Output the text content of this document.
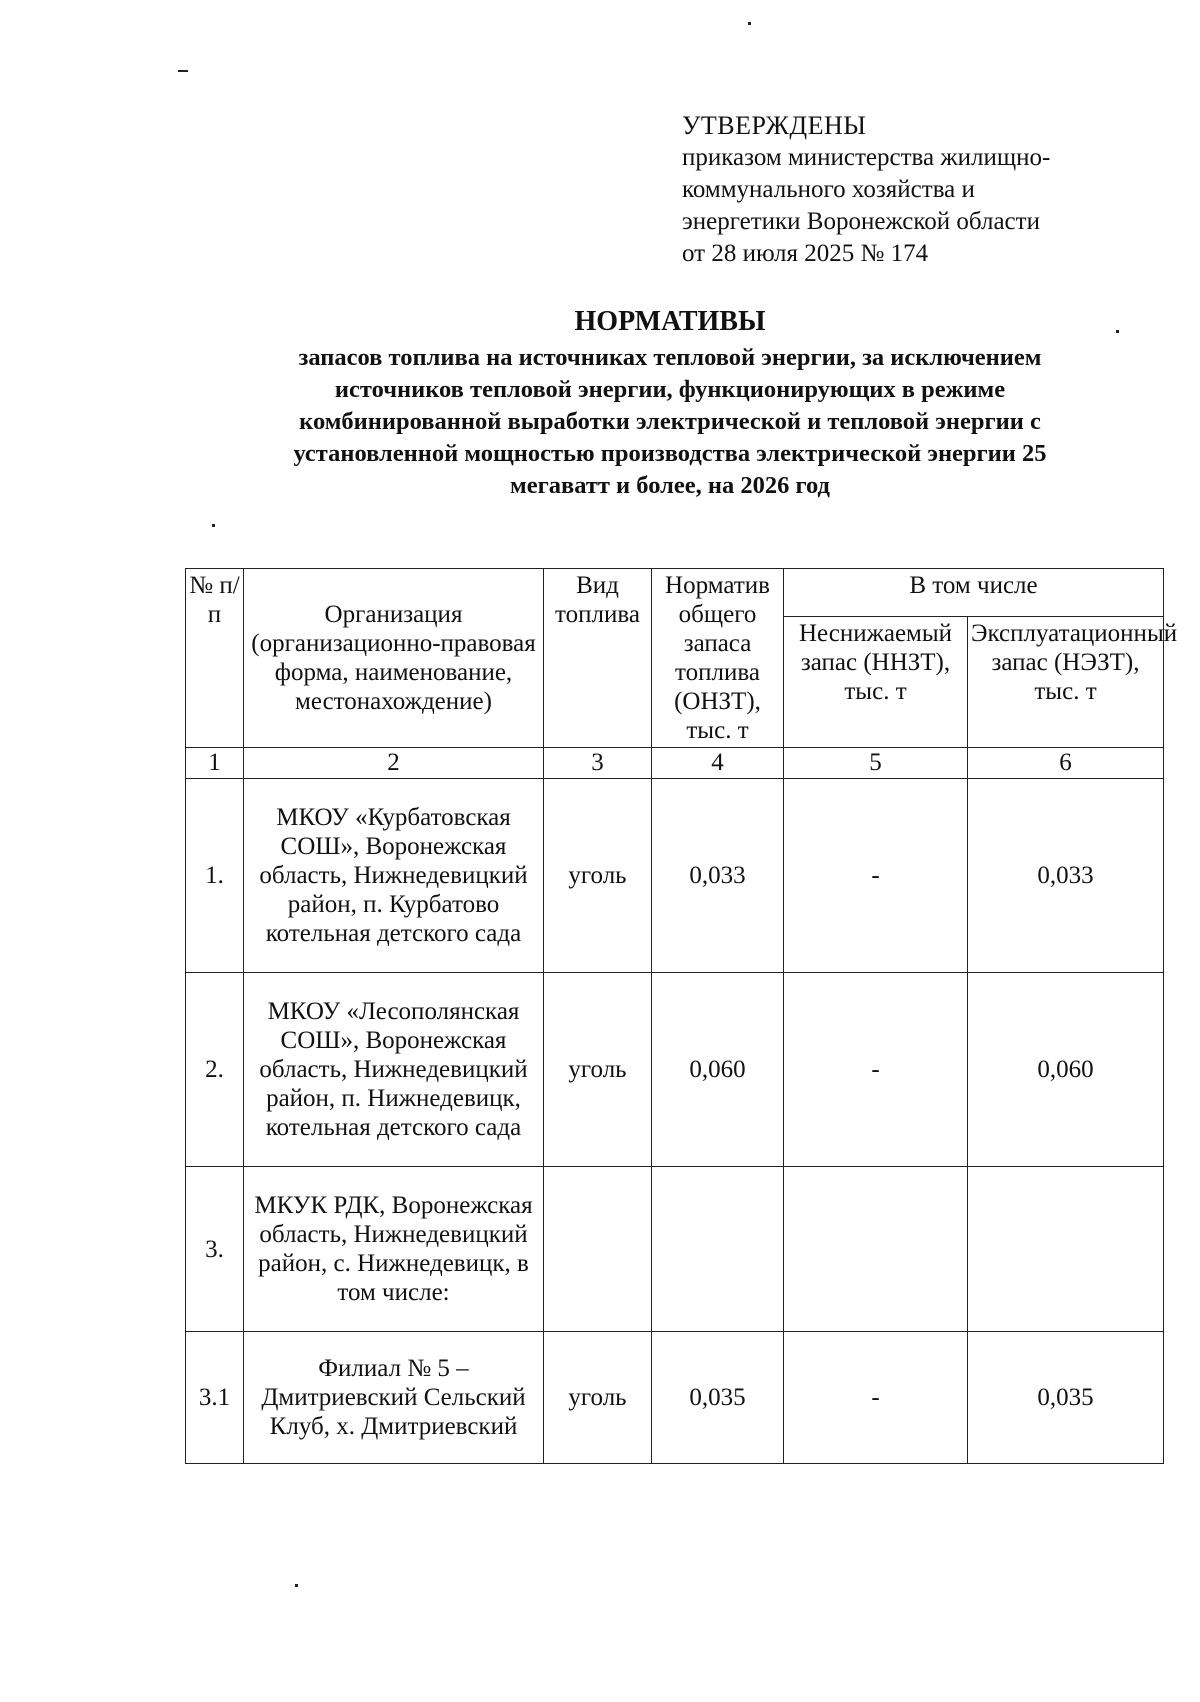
УТВЕРЖДЕНЫ
приказом министерства жилищно-
коммунального хозяйства и
энергетики Воронежской области
от 28 июля 2025 № 174
НОРМАТИВЫ
запасов топлива на источниках тепловой энергии, за исключением
источников тепловой энергии, функционирующих в режиме
комбинированной выработки электрической и тепловой энергии с
установленной мощностью производства электрической энергии 25
мегаватт и более, на 2026 год
№ п/п	Организация (организационно-правовая форма, наименование, местонахождение)	Вид топлива	Норматив общего запаса топлива (ОНЗТ), тыс. т	В том числе	
				Неснижаемый запас (ННЗТ), тыс. т	Эксплуатационный запас (НЭЗТ), тыс. т
1	2	3	4	5	6
1.	МКОУ «Курбатовская СОШ», Воронежская область, Нижнедевицкий район, п. Курбатово котельная детского сада	уголь	0,033	-	0,033
2.	МКОУ «Лесополянская СОШ», Воронежская область, Нижнедевицкий район, п. Нижнедевицк, котельная детского сада	уголь	0,060	-	0,060
3.	МКУК РДК, Воронежская область, Нижнедевицкий район, с. Нижнедевицк, в том числе:				
3.1	Филиал № 5 – Дмитриевский Сельский Клуб, х. Дмитриевский	уголь	0,035	-	0,035
